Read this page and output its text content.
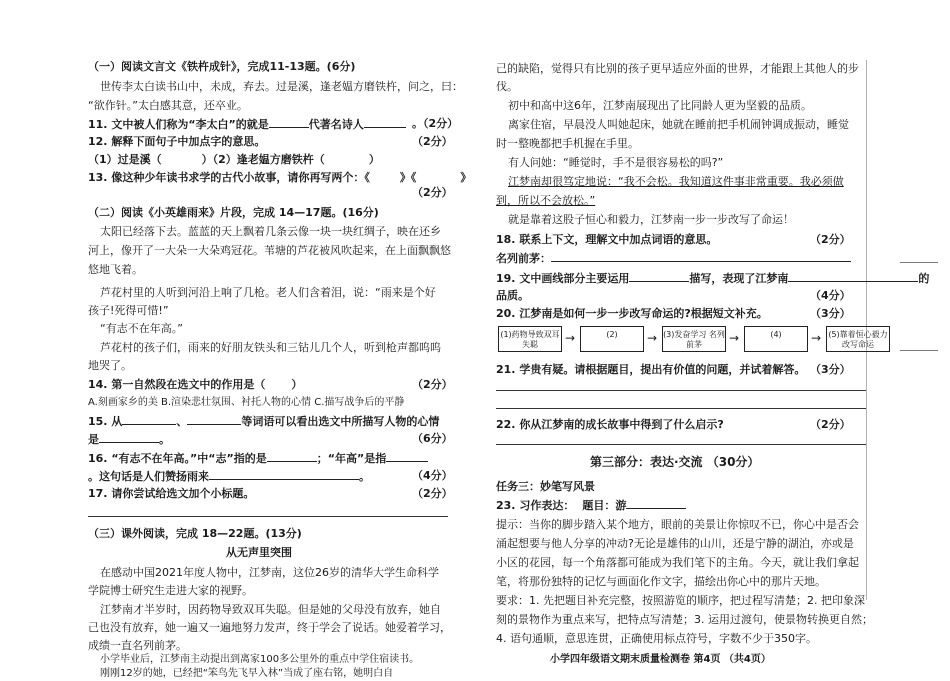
（一）阅读文言文《铁杵成针》，完成11-13题。(6分)
世传李太白读书山中，未成，弃去。过是溪，逢老媪方磨铁杵，问之，曰：
“欲作针。”太白感其意，还卒业。
11. 文中被人们称为“李太白”的就是	代著名诗人	。（2分）
12. 解释下面句子中加点字的意思。	（2分）
（1）过是溪（	）（2）逢老媪方磨铁杵（	）
13. 像这种少年读书求学的古代小故事，请你再写两个：《	》《	》
（2分）
（二）阅读《小英雄雨来》片段，完成 14—17题。(16分)
太阳已经落下去。蓝蓝的天上飘着几条云像一块一块红绸子，映在还乡
河上，像开了一大朵一大朵鸡冠花。苇塘的芦花被风吹起来，在上面飘飘悠
悠地飞着。
芦花村里的人听到河沿上响了几枪。老人们含着泪，说：“雨来是个好
孩子!死得可惜!”
“有志不在年高。”
芦花村的孩子们，雨来的好朋友铁头和三钻儿几个人，听到枪声都呜呜
地哭了。
14. 第一自然段在选文中的作用是（ ）	（2分）
A.刻画家乡的美 B.渲染悲壮氛围、衬托人物的心情 C.描写战争后的平静
15. 从	、	等词语可以看出选文中所描写人物的心情
是	。	（6分）
16. “有志不在年高。”中“志”指的是	；“年高”是指
。这句话是人们赞扬雨来	。	（4分）
17. 请你尝试给选文加个小标题。	（2分）
（三）课外阅读，完成 18—22题。(13分)
从无声里突围
在感动中国2021年度人物中，江梦南，这位26岁的清华大学生命科学
学院博士研究生走进大家的视野。
江梦南才半岁时，因药物导致双耳失聪。但是她的父母没有放弃，她自
己也没有放弃，她一遍又一遍地努力发声，终于学会了说话。她爱着学习，
成绩一直名列前茅。
小学毕业后，江梦南主动提出到离家100多公里外的重点中学住宿读书。
刚刚12岁的她，已经把“笨鸟先飞早入林”当成了座右铭，她明白自
己的缺陷，觉得只有比别的孩子更早适应外面的世界，才能跟上其他人的步
伐。
初中和高中这6年，江梦南展现出了比同龄人更为坚毅的品质。
离家住宿，早晨没人叫她起床，她就在睡前把手机闹钟调成振动，睡觉
时一整晚都把手机握在手里。
有人问她：“睡觉时，手不是很容易松的吗?”
江梦南却很笃定地说：“我不会松。我知道这件事非常重要。我必须做
到，所以不会放松。”
就是靠着这股子恒心和毅力，江梦南一步一步改写了命运！
18. 联系上下文，理解文中加点词语的意思。	（2分）
名列前茅：
19. 文中画线部分主要运用	描写，表现了江梦南	的
品质。	（4分）
20. 江梦南是如何一步一步改写命运的?根据短文补充。	（3分）
(1)药物导致双耳失聪	→	(2)	→ (3)发奋学习 名列前茅	→	(4)	→ (5)靠着恒心毅力 改写命运
21. 学贵有疑。请根据题目，提出有价值的问题，并试着解答。 （3分）
22. 你从江梦南的成长故事中得到了什么启示?	（2分）
第三部分：表达·交流 （30分）
任务三：妙笔写风景
23. 习作表达： 题目：游
提示：当你的脚步踏入某个地方，眼前的美景让你惊叹不已，你心中是否会
涌起想要与他人分享的冲动?无论是雄伟的山川，还是宁静的湖泊，亦或是
小区的花园，每一个角落都可能成为我们笔下的主角。今天，就让我们拿起
笔，将那份独特的记忆与画面化作文字，描绘出你心中的那片天地。
要求：1. 先把题目补充完整，按照游览的顺序，把过程写清楚；2. 把印象深
刻的景物作为重点来写，把特点写清楚；3. 运用过渡句，使景物转换更自然；
4. 语句通顺，意思连贯，正确使用标点符号，字数不少于350字。
小学四年级语文期末质量检测卷 第4页 （共4页）
